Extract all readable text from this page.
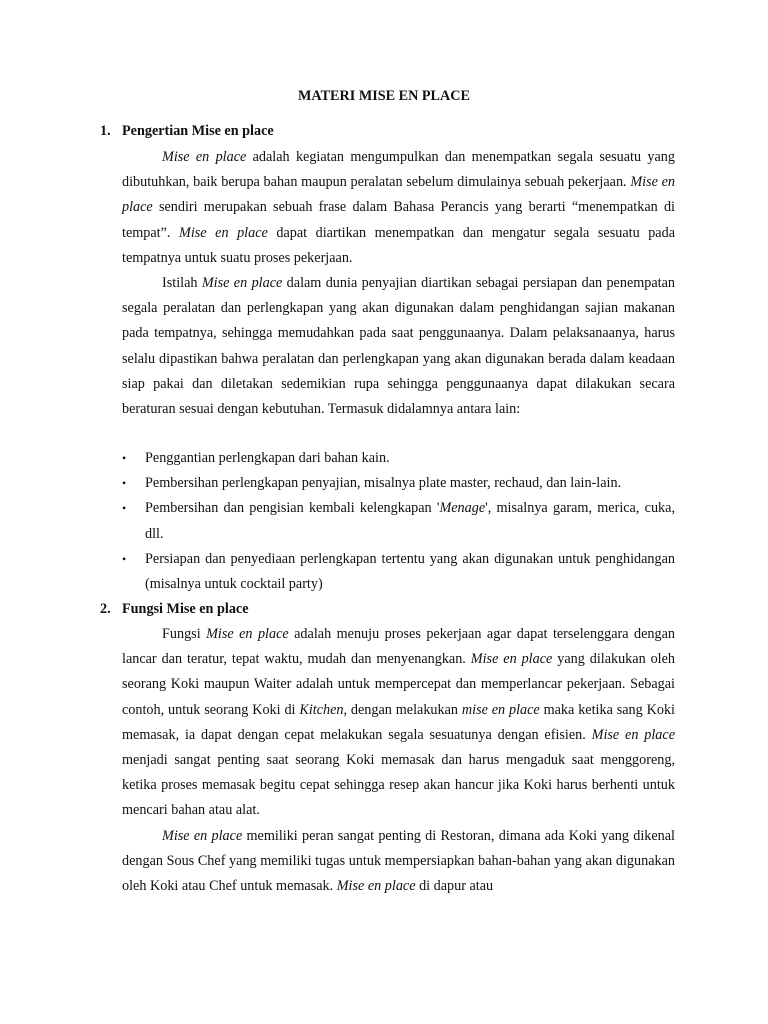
MATERI MISE EN PLACE
1. Pengertian Mise en place

Mise en place adalah kegiatan mengumpulkan dan menempatkan segala sesuatu yang dibutuhkan, baik berupa bahan maupun peralatan sebelum dimulainya sebuah pekerjaan. Mise en place sendiri merupakan sebuah frase dalam Bahasa Perancis yang berarti “menempatkan di tempat”. Mise en place dapat diartikan menempatkan dan mengatur segala sesuatu pada tempatnya untuk suatu proses pekerjaan.

Istilah Mise en place dalam dunia penyajian diartikan sebagai persiapan dan penempatan segala peralatan dan perlengkapan yang akan digunakan dalam penghidangan sajian makanan pada tempatnya, sehingga memudahkan pada saat penggunaanya. Dalam pelaksanaanya, harus selalu dipastikan bahwa peralatan dan perlengkapan yang akan digunakan berada dalam keadaan siap pakai dan diletakan sedemikian rupa sehingga penggunaanya dapat dilakukan secara beraturan sesuai dengan kebutuhan. Termasuk didalamnya antara lain:

• Penggantian perlengkapan dari bahan kain.
• Pembersihan perlengkapan penyajian, misalnya plate master, rechaud, dan lain-lain.
• Pembersihan dan pengisian kembali kelengkapan 'Menage', misalnya garam, merica, cuka, dll.
• Persiapan dan penyediaan perlengkapan tertentu yang akan digunakan untuk penghidangan (misalnya untuk cocktail party)
2. Fungsi Mise en place

Fungsi Mise en place adalah menuju proses pekerjaan agar dapat terselenggara dengan lancar dan teratur, tepat waktu, mudah dan menyenangkan. Mise en place yang dilakukan oleh seorang Koki maupun Waiter adalah untuk mempercepat dan memperlancar pekerjaan. Sebagai contoh, untuk seorang Koki di Kitchen, dengan melakukan mise en place maka ketika sang Koki memasak, ia dapat dengan cepat melakukan segala sesuatunya dengan efisien. Mise en place menjadi sangat penting saat seorang Koki memasak dan harus mengaduk saat menggoreng, ketika proses memasak begitu cepat sehingga resep akan hancur jika Koki harus berhenti untuk mencari bahan atau alat.

Mise en place memiliki peran sangat penting di Restoran, dimana ada Koki yang dikenal dengan Sous Chef yang memiliki tugas untuk mempersiapkan bahan-bahan yang akan digunakan oleh Koki atau Chef untuk memasak. Mise en place di dapur atau
